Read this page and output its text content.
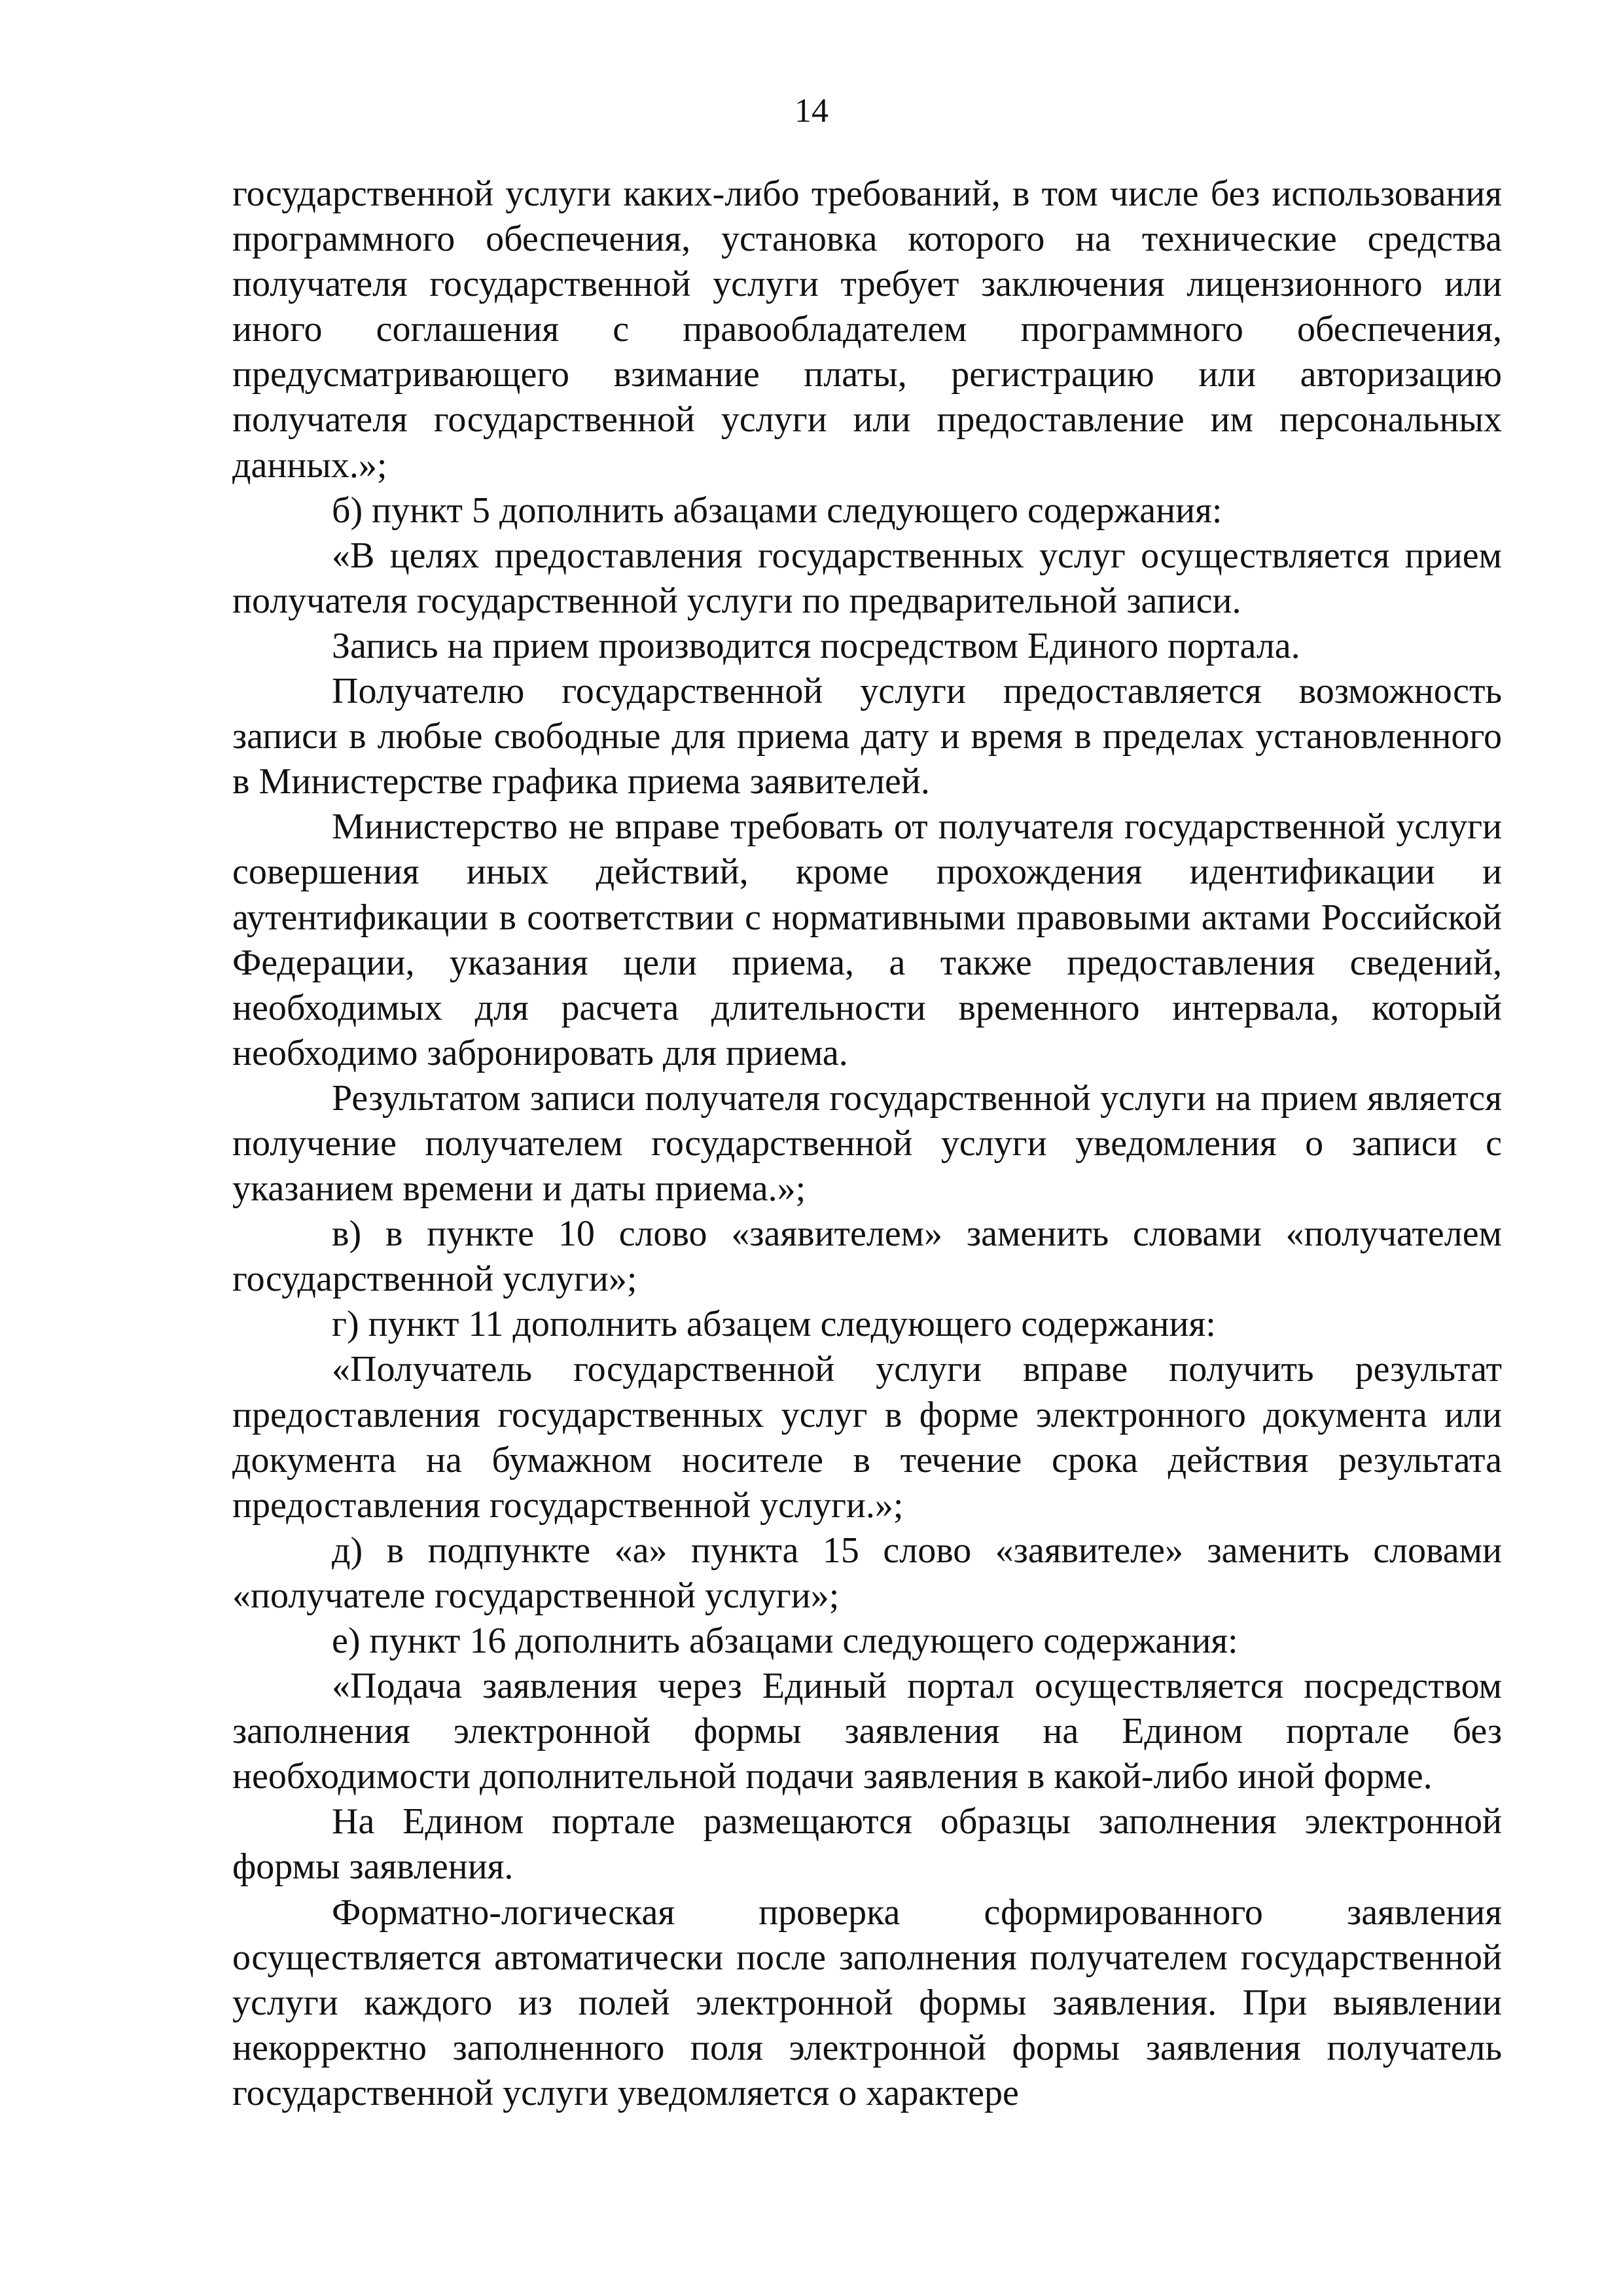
14

государственной услуги каких-либо требований, в том числе без использования программного обеспечения, установка которого на технические средства получателя государственной услуги требует заключения лицензионного или иного соглашения с правообладателем программного обеспечения, предусматривающего взимание платы, регистрацию или авторизацию получателя государственной услуги или предоставление им персональных данных.»;

б) пункт 5 дополнить абзацами следующего содержания:

«В целях предоставления государственных услуг осуществляется прием получателя государственной услуги по предварительной записи.

Запись на прием производится посредством Единого портала.

Получателю государственной услуги предоставляется возможность записи в любые свободные для приема дату и время в пределах установленного в Министерстве графика приема заявителей.

Министерство не вправе требовать от получателя государственной услуги совершения иных действий, кроме прохождения идентификации и аутентификации в соответствии с нормативными правовыми актами Российской Федерации, указания цели приема, а также предоставления сведений, необходимых для расчета длительности временного интервала, который необходимо забронировать для приема.

Результатом записи получателя государственной услуги на прием является получение получателем государственной услуги уведомления о записи с указанием времени и даты приема.»;

в) в пункте 10 слово «заявителем» заменить словами «получателем государственной услуги»;

г) пункт 11 дополнить абзацем следующего содержания:

«Получатель государственной услуги вправе получить результат предоставления государственных услуг в форме электронного документа или документа на бумажном носителе в течение срока действия результата предоставления государственной услуги.»;

д) в подпункте «а» пункта 15 слово «заявителе» заменить словами «получателе государственной услуги»;

е) пункт 16 дополнить абзацами следующего содержания:

«Подача заявления через Единый портал осуществляется посредством заполнения электронной формы заявления на Едином портале без необходимости дополнительной подачи заявления в какой-либо иной форме.

На Едином портале размещаются образцы заполнения электронной формы заявления.

Форматно-логическая проверка сформированного заявления осуществляется автоматически после заполнения получателем государственной услуги каждого из полей электронной формы заявления. При выявлении некорректно заполненного поля электронной формы заявления получатель государственной услуги уведомляется о характере
